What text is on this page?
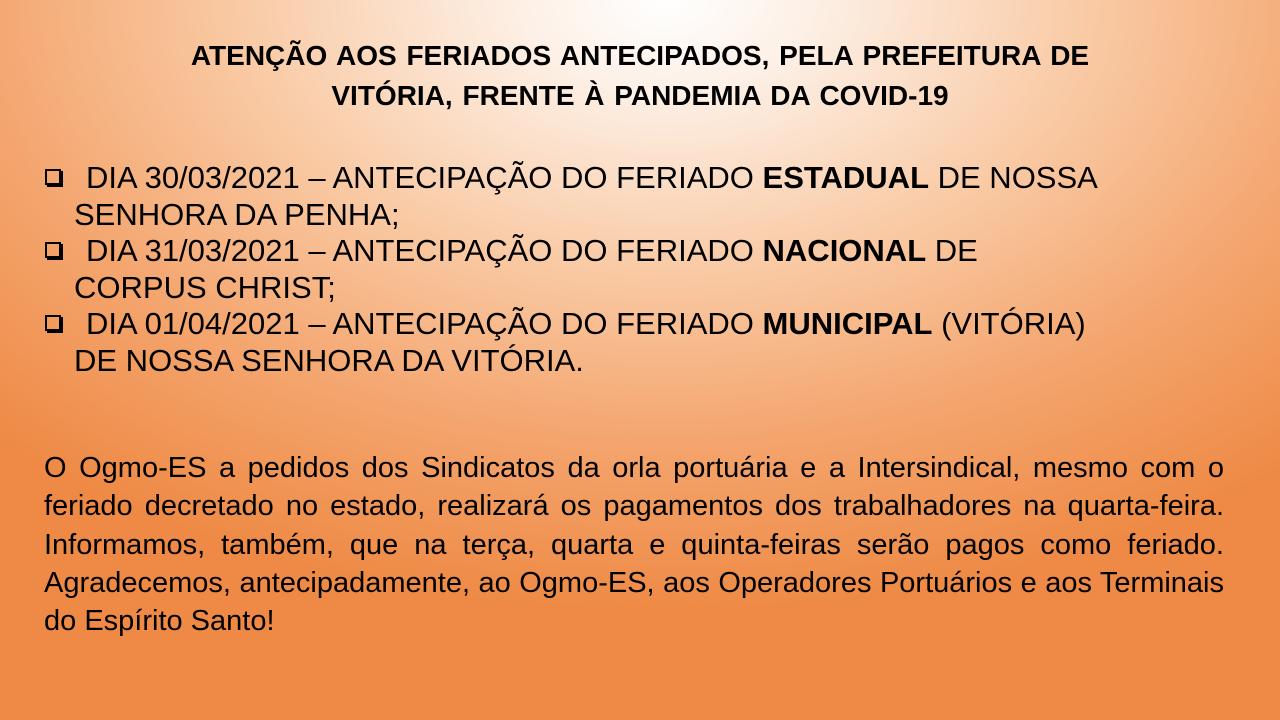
ATENÇÃO AOS FERIADOS ANTECIPADOS, PELA PREFEITURA DE
VITÓRIA, FRENTE À PANDEMIA DA COVID-19
DIA 30/03/2021 – ANTECIPAÇÃO DO FERIADO ESTADUAL DE NOSSA
SENHORA DA PENHA;
DIA 31/03/2021 – ANTECIPAÇÃO DO FERIADO NACIONAL DE
CORPUS CHRIST;
DIA 01/04/2021 – ANTECIPAÇÃO DO FERIADO MUNICIPAL (VITÓRIA)
DE NOSSA SENHORA DA VITÓRIA.

O Ogmo-ES a pedidos dos Sindicatos da orla portuária e a Intersindical, mesmo com o feriado decretado no estado, realizará os pagamentos dos trabalhadores na quarta-feira. Informamos, também, que na terça, quarta e quinta-feiras serão pagos como feriado. Agradecemos, antecipadamente, ao Ogmo-ES, aos Operadores Portuários e aos Terminais do Espírito Santo!
